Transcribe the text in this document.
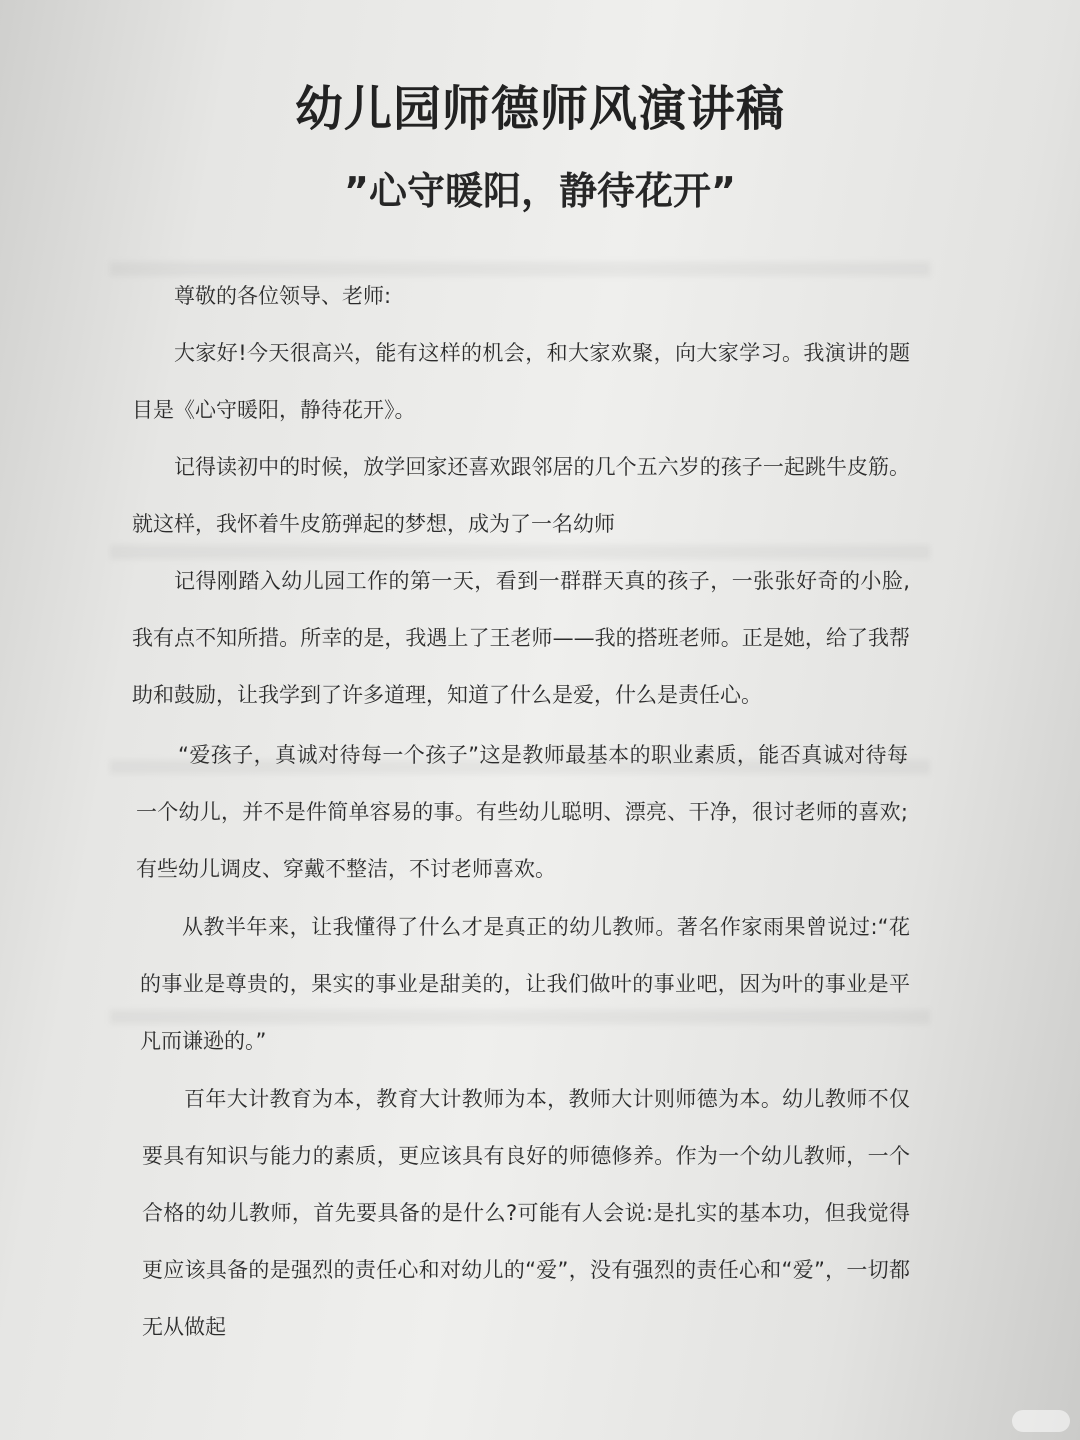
幼儿园师德师风演讲稿
”心守暖阳，静待花开”

尊敬的各位领导、老师:

大家好!今天很高兴，能有这样的机会，和大家欢聚，向大家学习。我演讲的题目是《心守暖阳，静待花开》。

记得读初中的时候，放学回家还喜欢跟邻居的几个五六岁的孩子一起跳牛皮筋。就这样，我怀着牛皮筋弹起的梦想，成为了一名幼师

记得刚踏入幼儿园工作的第一天，看到一群群天真的孩子，一张张好奇的小脸,我有点不知所措。所幸的是，我遇上了王老师——我的搭班老师。正是她，给了我帮助和鼓励，让我学到了许多道理，知道了什么是爱，什么是责任心。

“爱孩子，真诚对待每一个孩子”这是教师最基本的职业素质，能否真诚对待每一个幼儿，并不是件简单容易的事。有些幼儿聪明、漂亮、干净，很讨老师的喜欢;有些幼儿调皮、穿戴不整洁，不讨老师喜欢。

从教半年来，让我懂得了什么才是真正的幼儿教师。著名作家雨果曾说过:“花的事业是尊贵的，果实的事业是甜美的，让我们做叶的事业吧，因为叶的事业是平凡而谦逊的。”

百年大计教育为本，教育大计教师为本，教师大计则师德为本。幼儿教师不仅要具有知识与能力的素质，更应该具有良好的师德修养。作为一个幼儿教师，一个合格的幼儿教师，首先要具备的是什么?可能有人会说:是扎实的基本功，但我觉得更应该具备的是强烈的责任心和对幼儿的“爱”，没有强烈的责任心和“爱”，一切都无从做起
